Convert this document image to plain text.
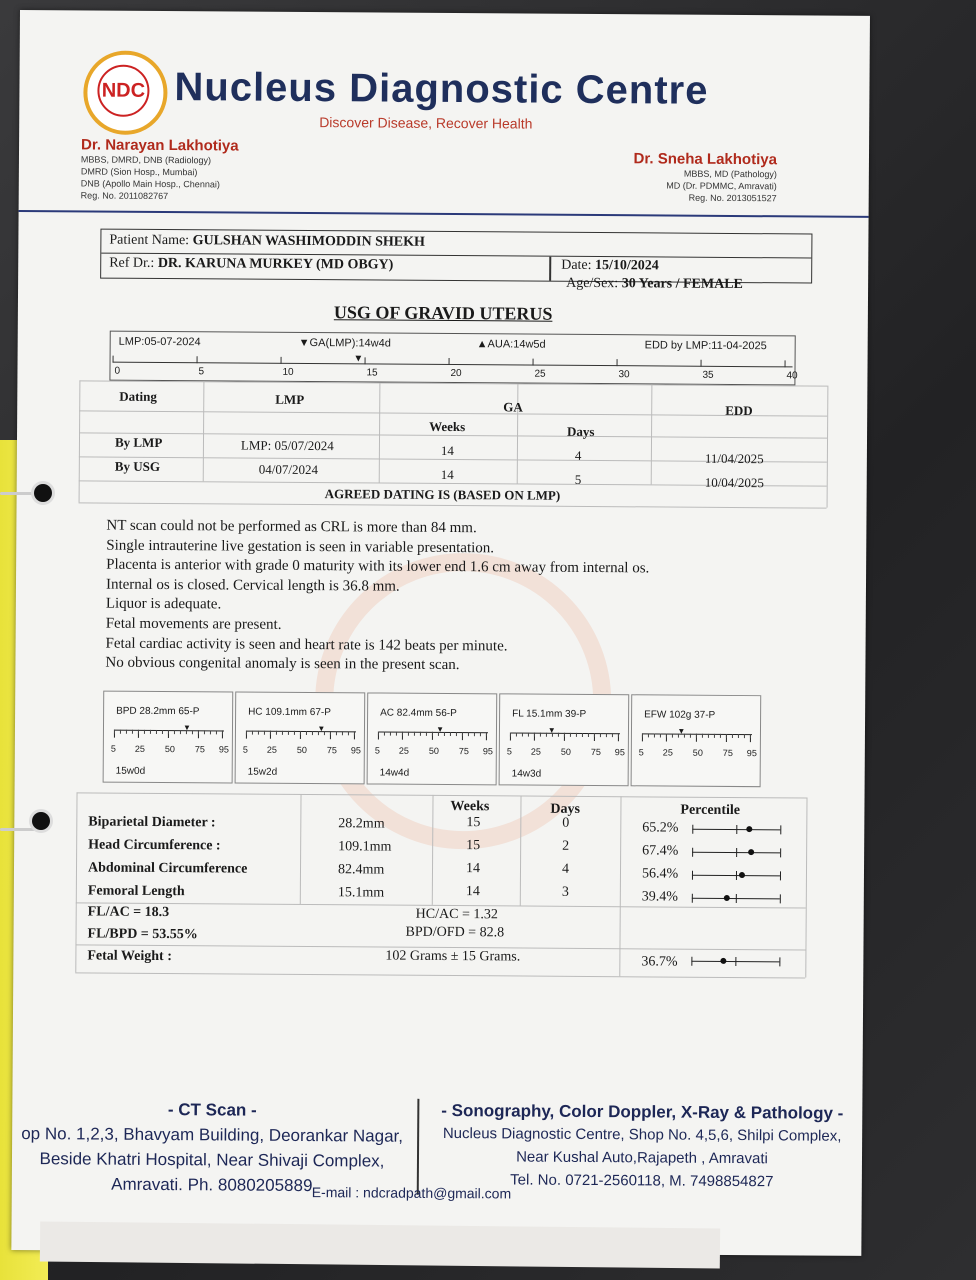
NDC Nucleus Diagnostic Centre
Discover Disease, Recover Health
Dr. Narayan Lakhotiya
MBBS, DMRD, DNB (Radiology)
DMRD (Sion Hosp., Mumbai)
DNB (Apollo Main Hosp., Chennai)
Reg. No. 2011082767
Dr. Sneha Lakhotiya
MBBS, MD (Pathology)
MD (Dr. PDMMC, Amravati)
Reg. No. 2013051527
Patient Name: GULSHAN WASHIMODDIN SHEKH
Date: 15/10/2024
Ref Dr.: DR. KARUNA MURKEY (MD OBGY)
Age/Sex: 30 Years / FEMALE
USG OF GRAVID UTERUS
LMP:05-07-2024	▼GA(LMP):14w4d	▲AUA:14w5d	EDD by LMP:11-04-2025
0	5	10	15	20	25	30	35	40
▼
Dating	LMP	GA	EDD
Weeks	Days
By LMP	LMP: 05/07/2024	14	4	11/04/2025
By USG	04/07/2024	14	5	10/04/2025
AGREED DATING IS (BASED ON LMP)
NT scan could not be performed as CRL is more than 84 mm.
Single intrauterine live gestation is seen in variable presentation.
Placenta is anterior with grade 0 maturity with its lower end 1.6 cm away from internal os.
Internal os is closed. Cervical length is 36.8 mm.
Liquor is adequate.
Fetal movements are present.
Fetal cardiac activity is seen and heart rate is 142 beats per minute.
No obvious congenital anomaly is seen in the present scan.
BPD 28.2mm 65-P
5 25 50 75 95
▼
15w0d
HC 109.1mm 67-P
5 25 50 75 95
▼
15w2d
AC 82.4mm 56-P
5 25 50 75 95
▼
14w4d
FL 15.1mm 39-P
5 25 50 75 95
▼
14w3d
EFW 102g 37-P
5 25 50 75 95
▼
Weeks	Days	Percentile
Biparietal Diameter :	28.2mm	15	0	65.2%
Head Circumference :	109.1mm	15	2	67.4%
Abdominal Circumference	82.4mm	14	4	56.4%
Femoral Length	15.1mm	14	3	39.4%
FL/AC = 18.3
FL/BPD = 53.55%
HC/AC = 1.32
BPD/OFD = 82.8
Fetal Weight :	102 Grams ± 15 Grams.	36.7%
- CT Scan -
op No. 1,2,3, Bhavyam Building, Deorankar Nagar,
Beside Khatri Hospital, Near Shivaji Complex,
Amravati. Ph. 8080205889
- Sonography, Color Doppler, X-Ray & Pathology -
Nucleus Diagnostic Centre, Shop No. 4,5,6, Shilpi Complex,
Near Kushal Auto,Rajapeth , Amravati
Tel. No. 0721-2560118, M. 7498854827
E-mail : ndcradpath@gmail.com
